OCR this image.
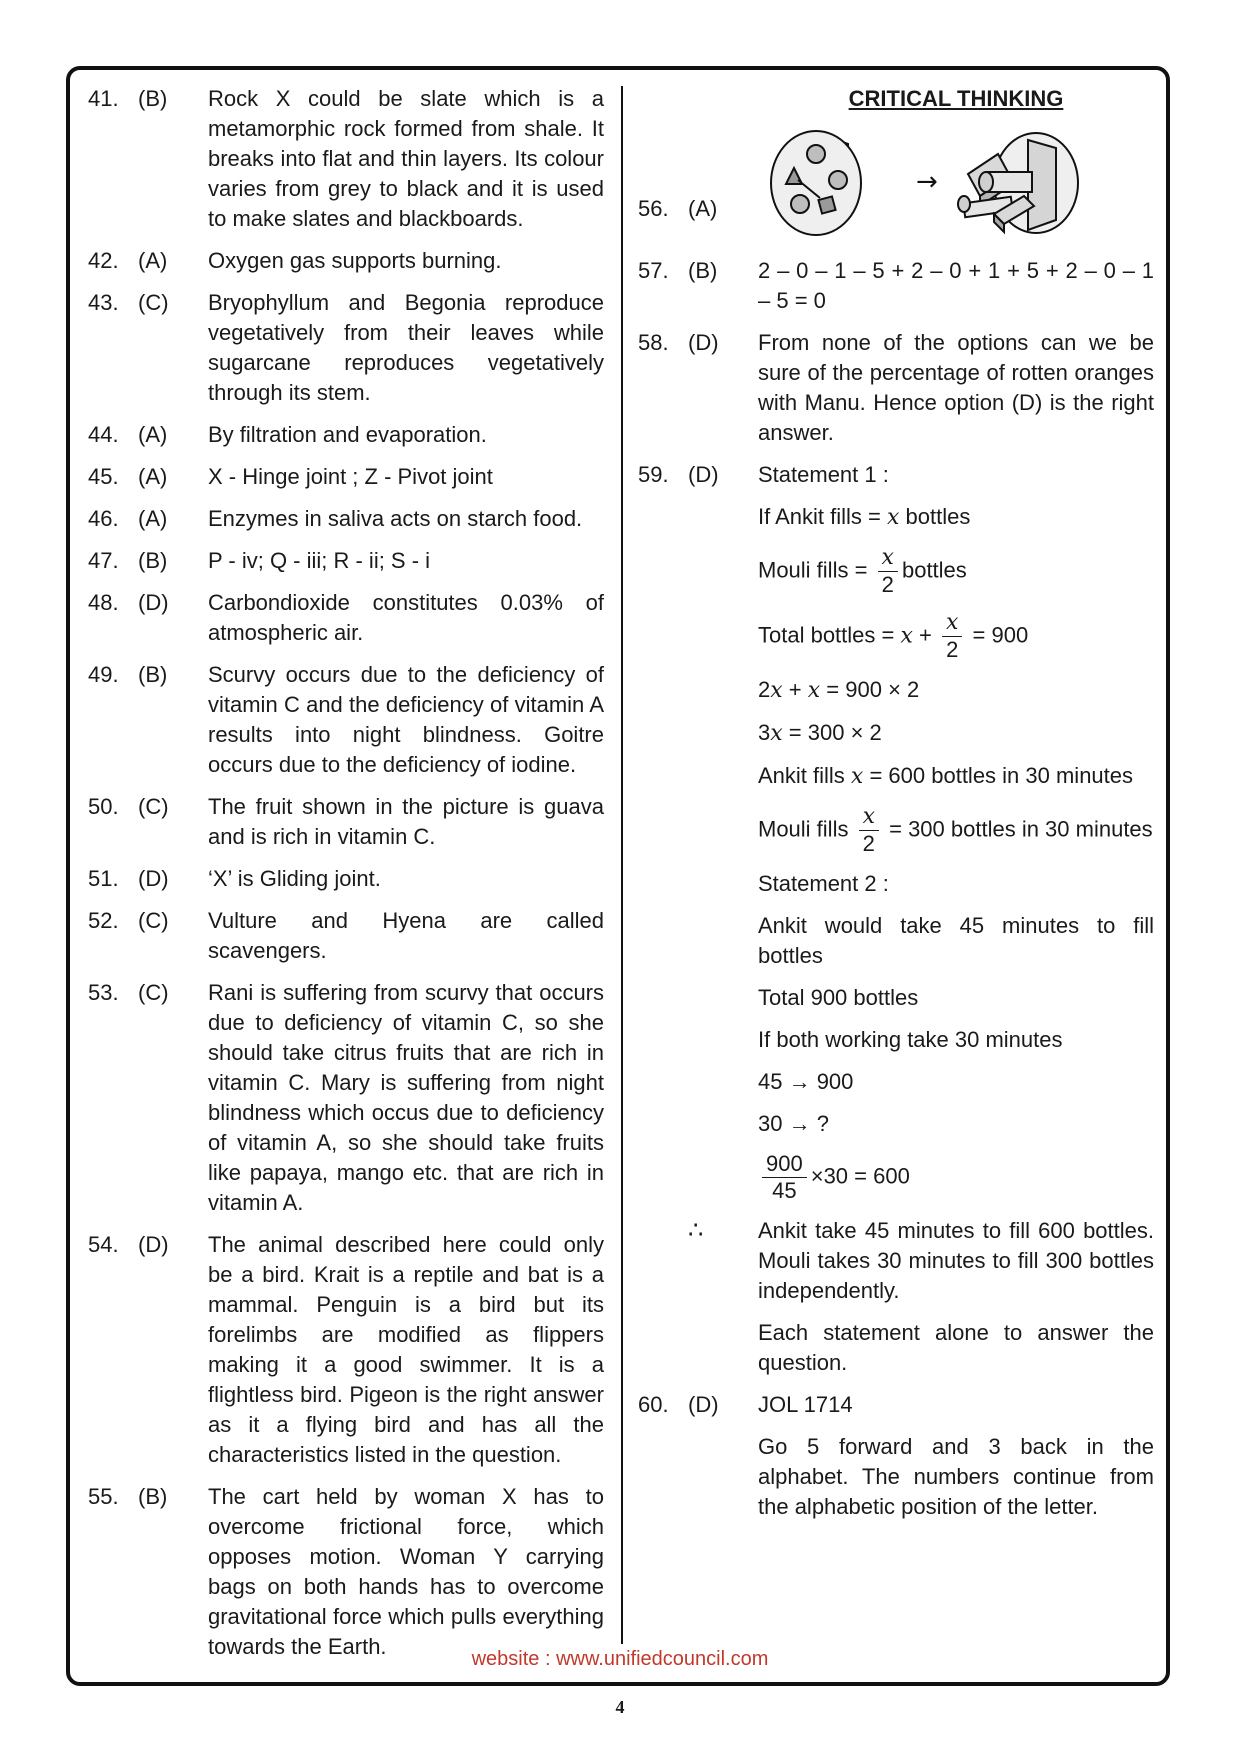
41. (B)	Rock X could be slate which is a metamorphic rock formed from shale. It breaks into flat and thin layers. Its colour varies from grey to black and it is used to make slates and blackboards.
42. (A)	Oxygen gas supports burning.
43. (C)	Bryophyllum and Begonia reproduce vegetatively from their leaves while sugarcane reproduces vegetatively through its stem.
44. (A)	By filtration and evaporation.
45. (A)	X - Hinge joint ; Z - Pivot joint
46. (A)	Enzymes in saliva acts on starch food.
47. (B)	P - iv; Q - iii; R - ii; S - i
48. (D)	Carbondioxide constitutes 0.03% of atmospheric air.
49. (B)	Scurvy occurs due to the deficiency of vitamin C and the deficiency of vitamin A results into night blindness. Goitre occurs due to the deficiency of iodine.
50. (C)	The fruit shown in the picture is guava and is rich in vitamin C.
51. (D)	‘X’ is Gliding joint.
52. (C)	Vulture and Hyena are called scavengers.
53. (C)	Rani is suffering from scurvy that occurs due to deficiency of vitamin C, so she should take citrus fruits that are rich in vitamin C. Mary is suffering from night blindness which occus due to deficiency of vitamin A, so she should take fruits like papaya, mango etc. that are rich in vitamin A.
54. (D)	The animal described here could only be a bird. Krait is a reptile and bat is a mammal. Penguin is a bird but its forelimbs are modified as flippers making it a good swimmer. It is a flightless bird. Pigeon is the right answer as it a flying bird and has all the characteristics listed in the question.
55. (B)	The cart held by woman X has to overcome frictional force, which opposes motion. Woman Y carrying bags on both hands has to overcome gravitational force which pulls everything towards the Earth.
CRITICAL THINKING
56. (A)
→
57. (B)	2 – 0 – 1 – 5 + 2 – 0 + 1 + 5 + 2 – 0 – 1 – 5 = 0
58. (D)	From none of the options can we be sure of the percentage of rotten oranges with Manu. Hence option (D) is the right answer.
59. (D)	Statement 1 :
If Ankit fills = x bottles
Mouli fills = $\frac{x}{2}$ bottles
Total bottles = $x + \frac{x}{2} = 900$
2x + x = 900 × 2
3x = 300 × 2
Ankit fills x = 600 bottles in 30 minutes
Mouli fills $\frac{x}{2} = 300$ bottles in 30 minutes
Statement 2 :
Ankit would take 45 minutes to fill bottles
Total 900 bottles
If both working take 30 minutes
45 → 900
30 → ?
$\frac{900}{45} \times 30 = 600$
∴ Ankit take 45 minutes to fill 600 bottles. Mouli takes 30 minutes to fill 300 bottles independently.
Each statement alone to answer the question.
60. (D)	JOL 1714
Go 5 forward and 3 back in the alphabet. The numbers continue from the alphabetic position of the letter.
website : www.unifiedcouncil.com
4
